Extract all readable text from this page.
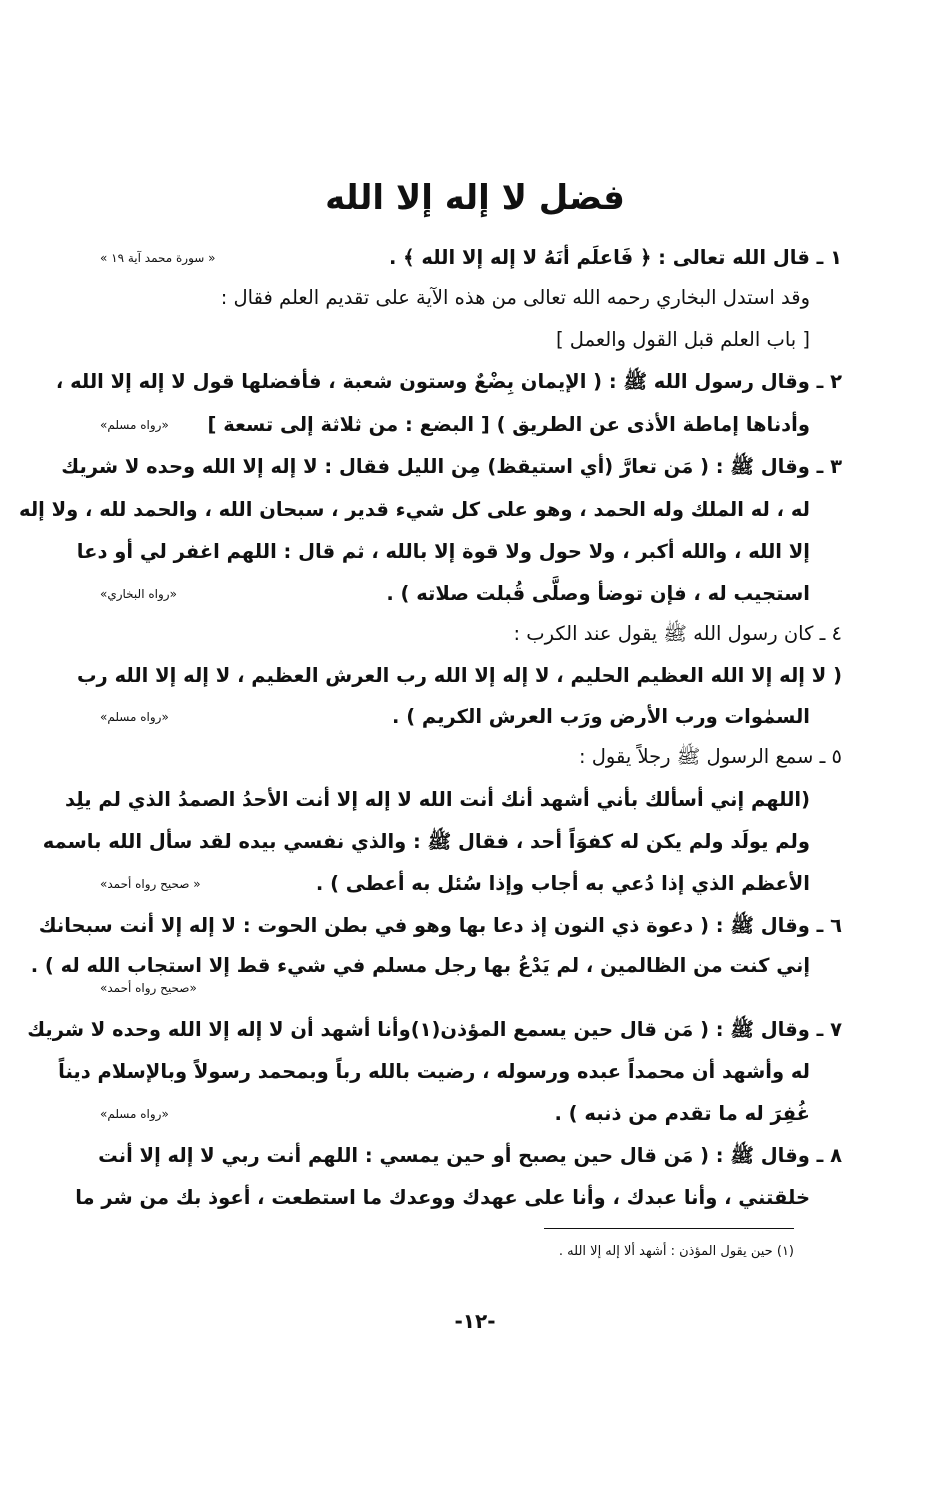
فضل لا إله إلا الله
١ ـ قال الله تعالى : ﴿ فَاعلَم أنَهُ لا إله إلا الله ﴾ .
« سورة محمد آية ١٩ »
وقد استدل البخاري رحمه الله تعالى من هذه الآية على تقديم العلم فقال :
[ باب العلم قبل القول والعمل ]
٢ ـ وقال رسول الله ﷺ : ( الإيمان بِضْعٌ وستون شعبة ، فأفضلها قول لا إله إلا الله ،
وأدناها إماطة الأذى عن الطريق ) [ البضع : من ثلاثة إلى تسعة ]
«رواه مسلم»
٣ ـ وقال ﷺ : ( مَن تعارَّ (أي استيقظ) مِن الليل فقال : لا إله إلا الله وحده لا شريك
له ، له الملك وله الحمد ، وهو على كل شيء قدير ، سبحان الله ، والحمد لله ، ولا إله
إلا الله ، والله أكبر ، ولا حول ولا قوة إلا بالله ، ثم قال : اللهم اغفر لي أو دعا
استجيب له ، فإن توضأ وصلَّى قُبلت صلاته ) .
«رواه البخاري»
٤ ـ كان رسول الله ﷺ يقول عند الكرب :
( لا إله إلا الله العظيم الحليم ، لا إله إلا الله رب العرش العظيم ، لا إله إلا الله رب
السمٰوات ورب الأرض ورَب العرش الكريم ) .
«رواه مسلم»
٥ ـ سمع الرسول ﷺ رجلاً يقول :
(اللهم إني أسألك بأني أشهد أنك أنت الله لا إله إلا أنت الأحدُ الصمدُ الذي لم يلِد
ولم يولَد ولم يكن له كفوَاً أحد ، فقال ﷺ : والذي نفسي بيده لقد سأل الله باسمه
الأعظم الذي إذا دُعي به أجاب وإذا سُئل به أعطى ) .
« صحيح رواه أحمد»
٦ ـ وقال ﷺ : ( دعوة ذي النون إذ دعا بها وهو في بطن الحوت : لا إله إلا أنت سبحانك
إني كنت من الظالمين ، لم يَدْعُ بها رجل مسلم في شيء قط إلا استجاب الله له ) .
«صحيح رواه أحمد»
٧ ـ وقال ﷺ : ( مَن قال حين يسمع المؤذن(١)وأنا أشهد أن لا إله إلا الله وحده لا شريك
له وأشهد أن محمداً عبده ورسوله ، رضيت بالله رباً وبمحمد رسولاً وبالإسلام ديناً
غُفِرَ له ما تقدم من ذنبه ) .
«رواه مسلم»
٨ ـ وقال ﷺ : ( مَن قال حين يصبح أو حين يمسي : اللهم أنت ربي لا إله إلا أنت
خلقتني ، وأنا عبدك ، وأنا على عهدك ووعدك ما استطعت ، أعوذ بك من شر ما
(١) حين يقول المؤذن : أشهد ألا إله إلا الله .
-١٢-
